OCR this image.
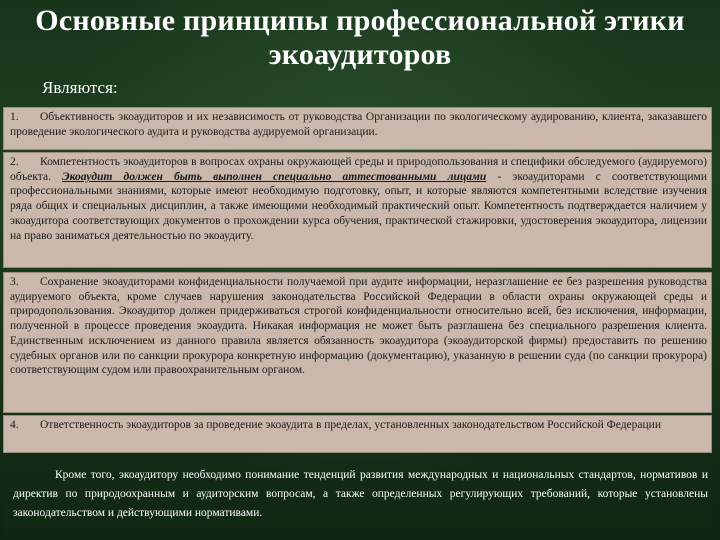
Основные принципы профессиональной этики экоаудиторов
Являются:
1. Объективность экоаудиторов и их независимость от руководства Организации по экологическому аудированию, клиента, заказавшего проведение экологического аудита и руководства аудируемой организации.
2. Компетентность экоаудиторов в вопросах охраны окружающей среды и природопользования и специфики обследуемого (аудируемого) объекта. Экоаудит должен быть выполнен специально аттестованными лицами - экоаудиторами с соответствующими профессиональными знаниями, которые имеют необходимую подготовку, опыт, и которые являются компетентными вследствие изучения ряда общих и специальных дисциплин, а также имеющими необходимый практический опыт. Компетентность подтверждается наличием у экоаудитора соответствующих документов о прохождении курса обучения, практической стажировки, удостоверения экоаудитора, лицензии на право заниматься деятельностью по экоаудиту.
3. Сохранение экоаудиторами конфиденциальности получаемой при аудите информации, неразглашение ее без разрешения руководства аудируемого объекта, кроме случаев нарушения законодательства Российской Федерации в области охраны окружающей среды и природопользования. Экоаудитор должен придерживаться строгой конфиденциальности относительно всей, без исключения, информации, полученной в процессе проведения экоаудита. Никакая информация не может быть разглашена без специального разрешения клиента. Единственным исключением из данного правила является обязанность экоаудитора (экоаудиторской фирмы) предоставить по решению судебных органов или по санкции прокурора конкретную информацию (документацию), указанную в решении суда (по санкции прокурора) соответствующим судом или правоохранительным органом.
4. Ответственность экоаудиторов за проведение экоаудита в пределах, установленных законодательством Российской Федерации
Кроме того, экоаудитору необходимо понимание тенденций развития международных и национальных стандартов, нормативов и директив по природоохранным и аудиторским вопросам, а также определенных регулирующих требований, которые установлены законодательством и действующими нормативами.
